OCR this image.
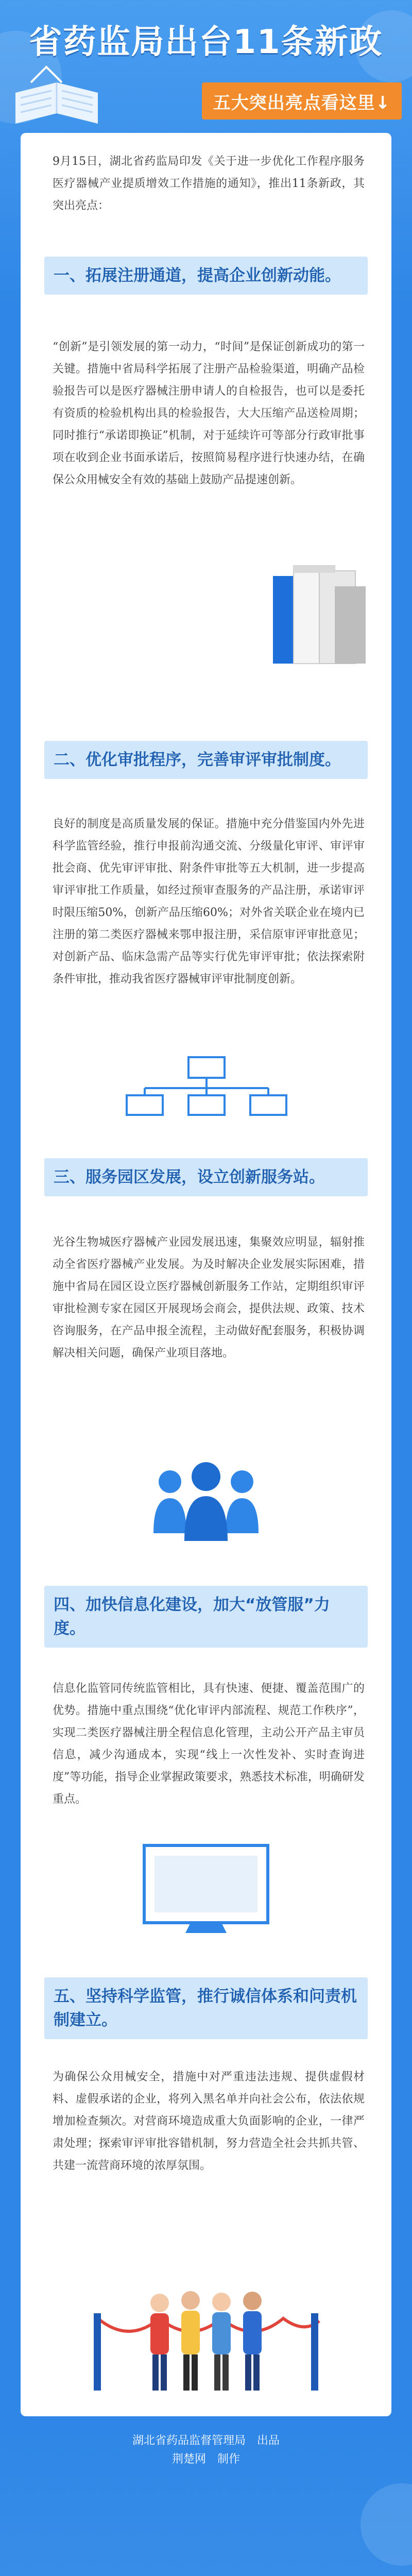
省药监局出台11条新政
五大突出亮点看这里↓
9月15日，湖北省药监局印发《关于进一步优化工作程序服务医疗器械产业提质增效工作措施的通知》，推出11条新政，其突出亮点：
一、拓展注册通道，提高企业创新动能。
“创新”是引领发展的第一动力，“时间”是保证创新成功的第一关键。措施中省局科学拓展了注册产品检验渠道，明确产品检验报告可以是医疗器械注册申请人的自检报告，也可以是委托有资质的检验机构出具的检验报告，大大压缩产品送检周期；同时推行“承诺即换证”机制，对于延续许可等部分行政审批事项在收到企业书面承诺后，按照简易程序进行快速办结，在确保公众用械安全有效的基础上鼓励产品提速创新。
二、优化审批程序，完善审评审批制度。
良好的制度是高质量发展的保证。措施中充分借鉴国内外先进科学监管经验，推行申报前沟通交流、分级量化审评、审评审批会商、优先审评审批、附条件审批等五大机制，进一步提高审评审批工作质量，如经过预审查服务的产品注册，承诺审评时限压缩50%，创新产品压缩60%；对外省关联企业在境内已注册的第二类医疗器械来鄂申报注册，采信原审评审批意见；对创新产品、临床急需产品等实行优先审评审批；依法探索附条件审批，推动我省医疗器械审评审批制度创新。
三、服务园区发展，设立创新服务站。
光谷生物城医疗器械产业园发展迅速，集聚效应明显，辐射推动全省医疗器械产业发展。为及时解决企业发展实际困难，措施中省局在园区设立医疗器械创新服务工作站，定期组织审评审批检测专家在园区开展现场会商会，提供法规、政策、技术咨询服务，在产品申报全流程，主动做好配套服务，积极协调解决相关问题，确保产业项目落地。
四、加快信息化建设，加大“放管服”力度。
信息化监管同传统监管相比，具有快速、便捷、覆盖范围广的优势。措施中重点围绕“优化审评内部流程、规范工作秩序”，实现二类医疗器械注册全程信息化管理，主动公开产品主审员信息，减少沟通成本，实现“线上一次性发补、实时查询进度”等功能，指导企业掌握政策要求，熟悉技术标准，明确研发重点。
五、坚持科学监管，推行诚信体系和问责机制建立。
为确保公众用械安全，措施中对严重违法违规、提供虚假材料、虚假承诺的企业，将列入黑名单并向社会公布，依法依规增加检查频次。对营商环境造成重大负面影响的企业，一律严肃处理；探索审评审批容错机制，努力营造全社会共抓共管、共建一流营商环境的浓厚氛围。
湖北省药品监督管理局　出品
荆楚网　制作
